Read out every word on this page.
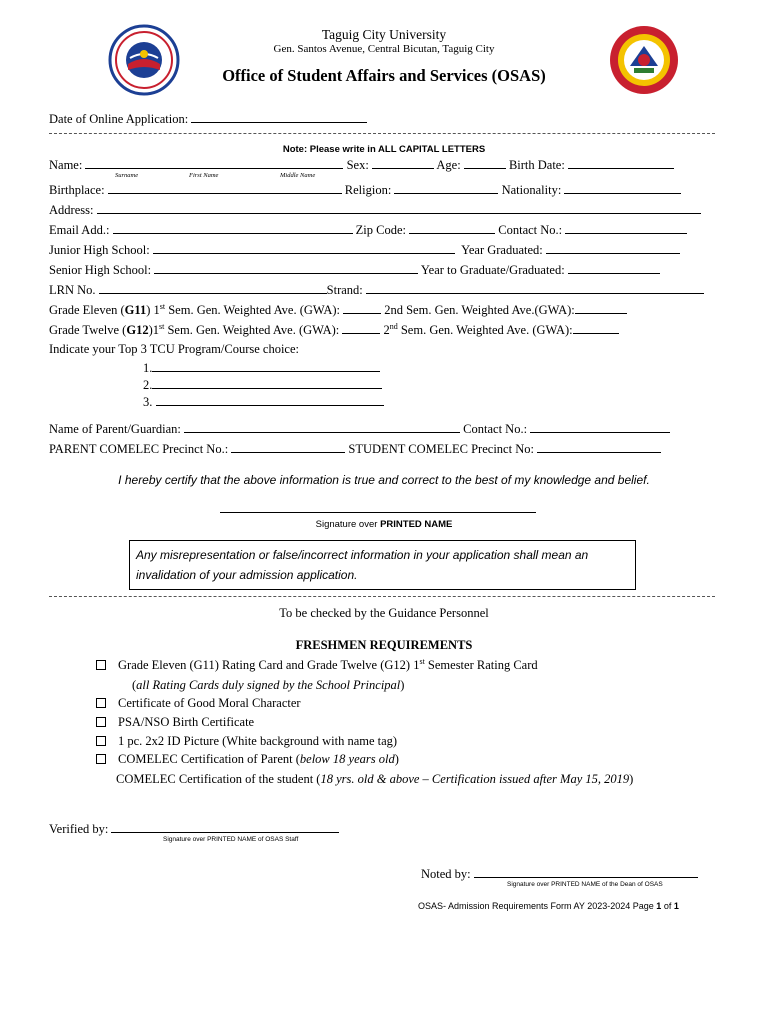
Taguig City University
Gen. Santos Avenue, Central Bicutan, Taguig City
Office of Student Affairs and Services (OSAS)
Date of Online Application:
Note: Please write in ALL CAPITAL LETTERS
Name:	Sex:	Age:	Birth Date:
Surname	First Name	Middle Name
Birthplace:	Religion:	Nationality:
Address:
Email Add.:	Zip Code:	Contact No.:
Junior High School:	Year Graduated:
Senior High School:	Year to Graduate/Graduated:
LRN No.	Strand:
Grade Eleven (G11) 1st Sem. Gen. Weighted Ave. (GWA):	2nd Sem. Gen. Weighted Ave.(GWA):
Grade Twelve (G12)1st Sem. Gen. Weighted Ave. (GWA):	2nd Sem. Gen. Weighted Ave. (GWA):
Indicate your Top 3 TCU Program/Course choice:
1.
2.
3.
Name of Parent/Guardian:	Contact No.:
PARENT COMELEC Precinct No.:	STUDENT COMELEC Precinct No:
I hereby certify that the above information is true and correct to the best of my knowledge and belief.
Signature over PRINTED NAME
Any misrepresentation or false/incorrect information in your application shall mean an invalidation of your admission application.
To be checked by the Guidance Personnel
FRESHMEN REQUIREMENTS
Grade Eleven (G11) Rating Card and Grade Twelve (G12) 1st Semester Rating Card
(all Rating Cards duly signed by the School Principal)
Certificate of Good Moral Character
PSA/NSO Birth Certificate
1 pc. 2x2 ID Picture (White background with name tag)
COMELEC Certification of Parent (below 18 years old)
COMELEC Certification of the student (18 yrs. old & above – Certification issued after May 15, 2019)
Verified by:
Signature over PRINTED NAME of OSAS Staff
Noted by:
Signature over PRINTED NAME of the Dean of OSAS
OSAS- Admission Requirements Form AY 2023-2024 Page 1 of 1
